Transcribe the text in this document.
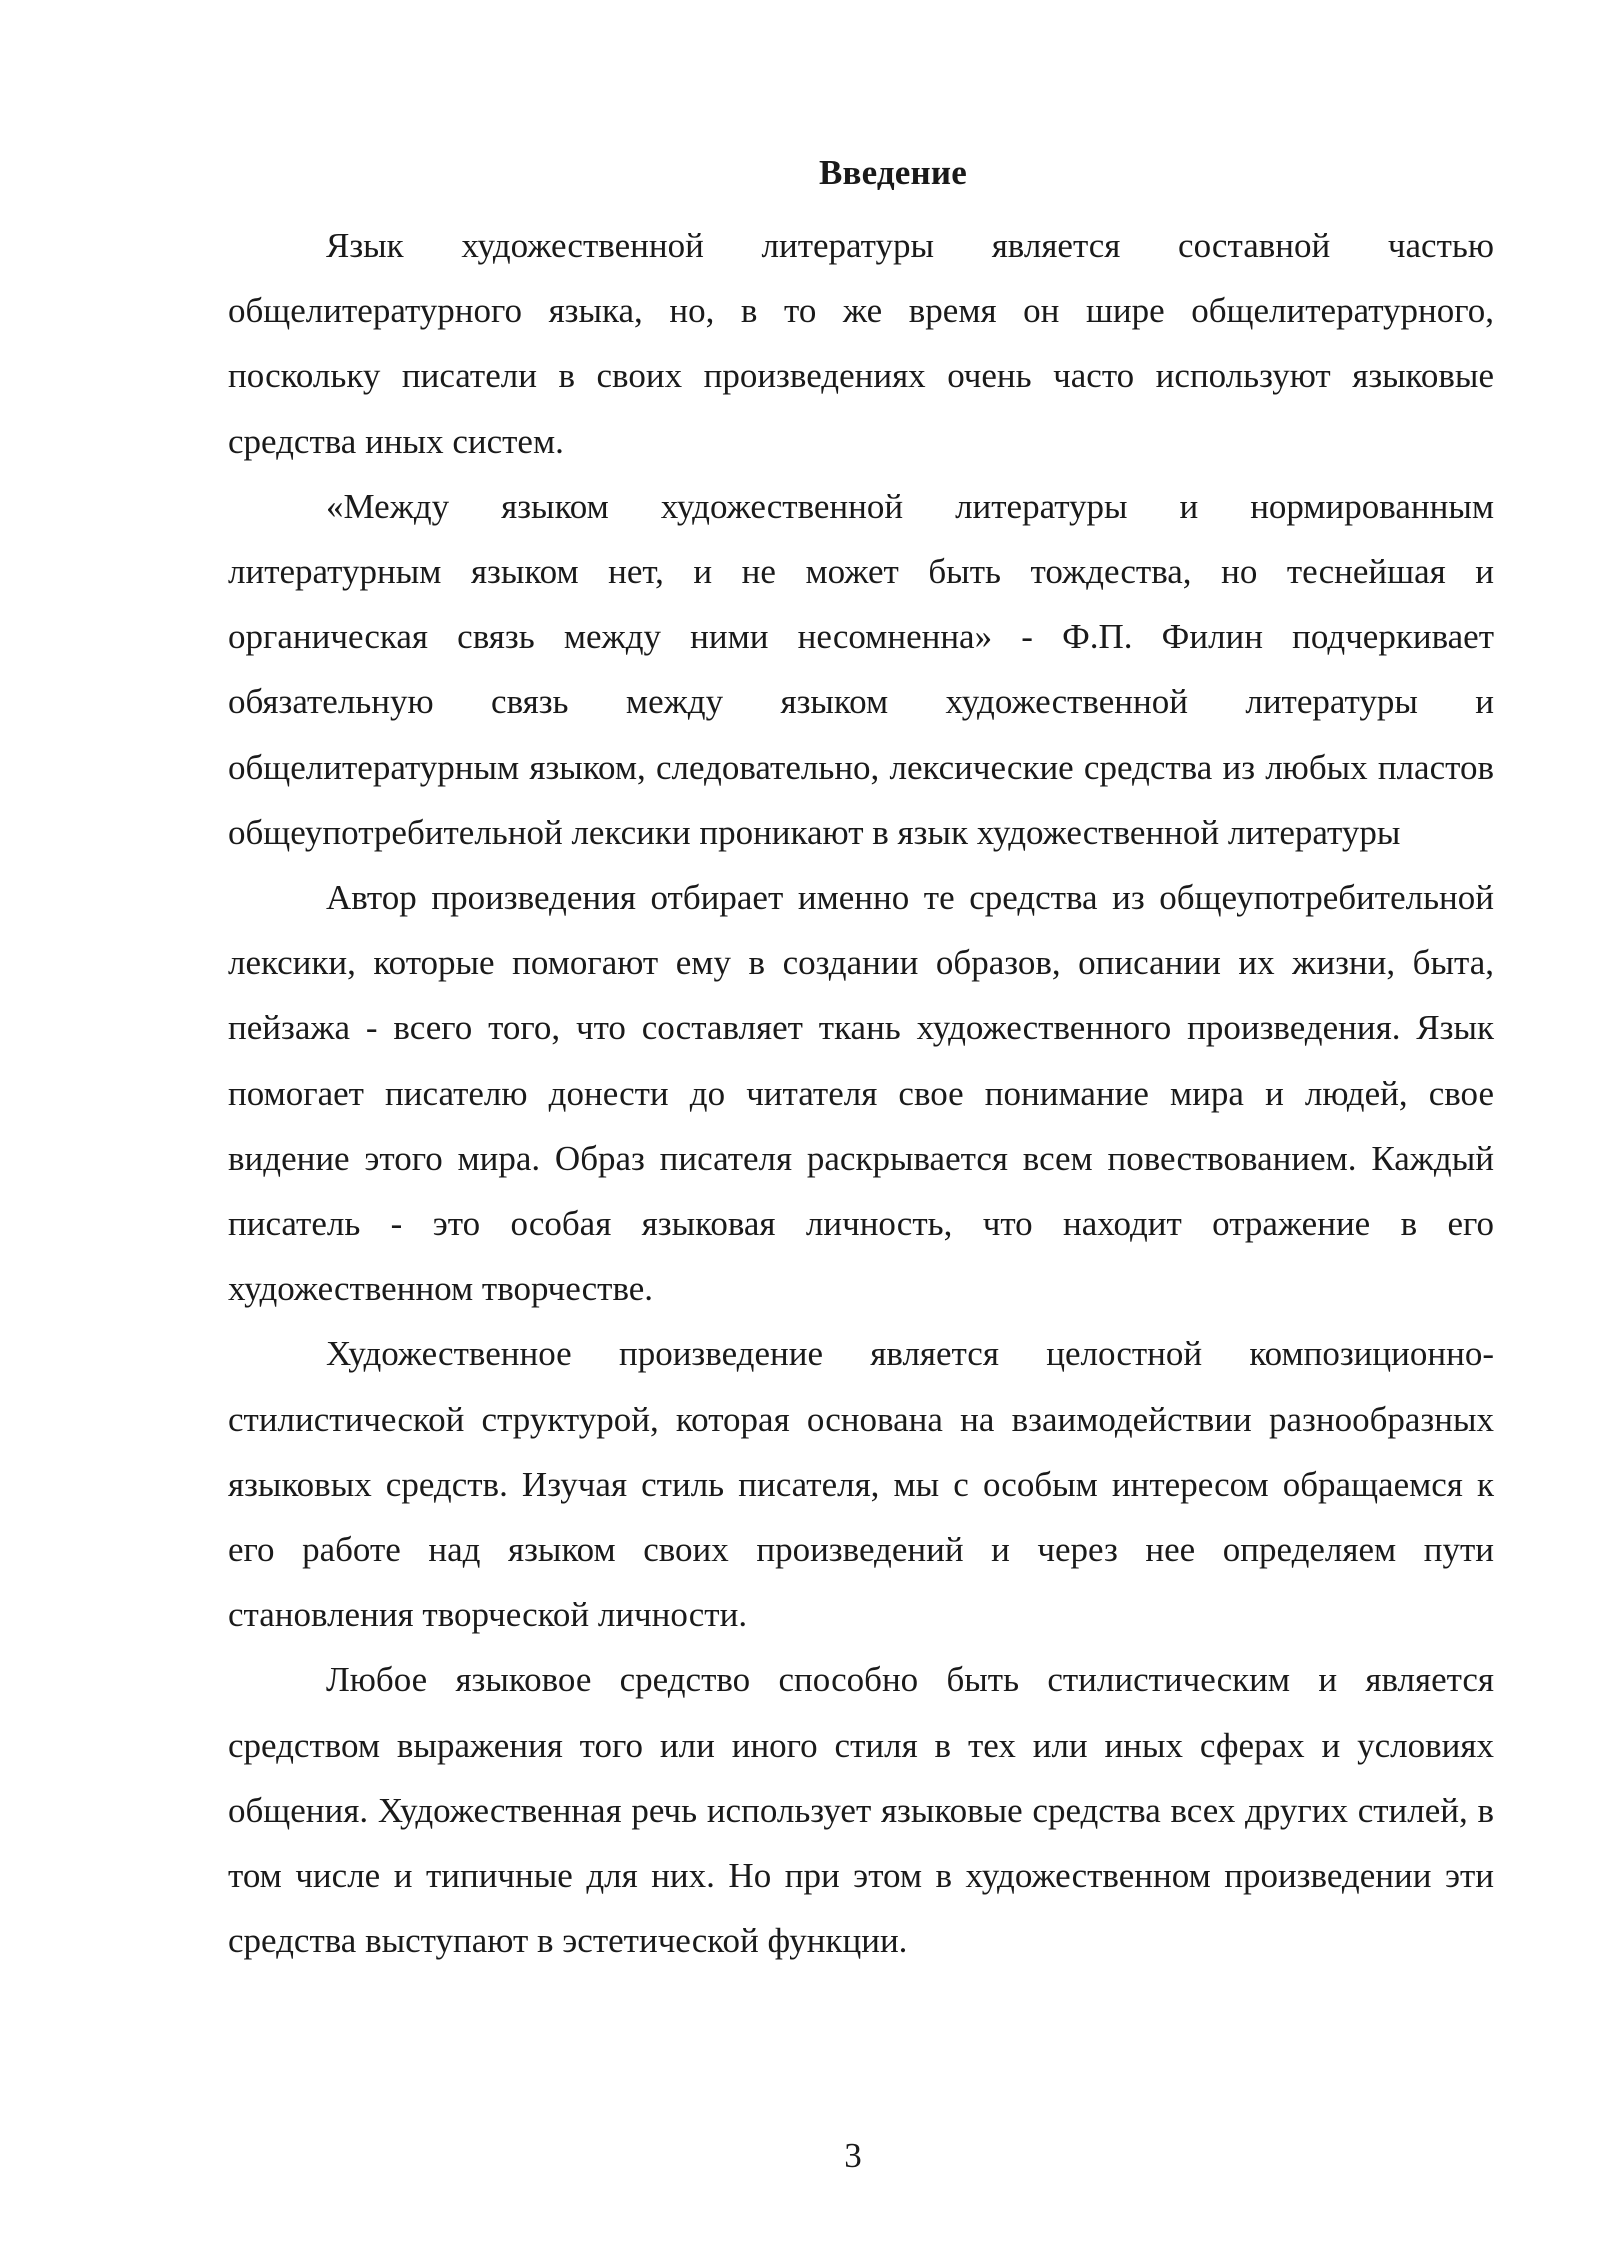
Введение

Язык художественной литературы является составной частью общелитературного языка, но, в то же время он шире общелитературного, поскольку писатели в своих произведениях очень часто используют языковые средства иных систем.

«Между языком художественной литературы и нормированным литературным языком нет, и не может быть тождества, но теснейшая и органическая связь между ними несомненна» - Ф.П. Филин подчеркивает обязательную связь между языком художественной литературы и общелитературным языком, следовательно, лексические средства из любых пластов общеупотребительной лексики проникают в язык художественной литературы

Автор произведения отбирает именно те средства из общеупотребительной лексики, которые помогают ему в создании образов, описании их жизни, быта, пейзажа - всего того, что составляет ткань художественного произведения. Язык помогает писателю донести до читателя свое понимание мира и людей, свое видение этого мира. Образ писателя раскрывается всем повествованием. Каждый писатель - это особая языковая личность, что находит отражение в его художественном творчестве.

Художественное произведение является целостной композиционно-стилистической структурой, которая основана на взаимодействии разнообразных языковых средств. Изучая стиль писателя, мы с особым интересом обращаемся к его работе над языком своих произведений и через нее определяем пути становления творческой личности.

Любое языковое средство способно быть стилистическим и является средством выражения того или иного стиля в тех или иных сферах и условиях общения. Художественная речь использует языковые средства всех других стилей, в том числе и типичные для них. Но при этом в художественном произведении эти средства выступают в эстетической функции.

3
